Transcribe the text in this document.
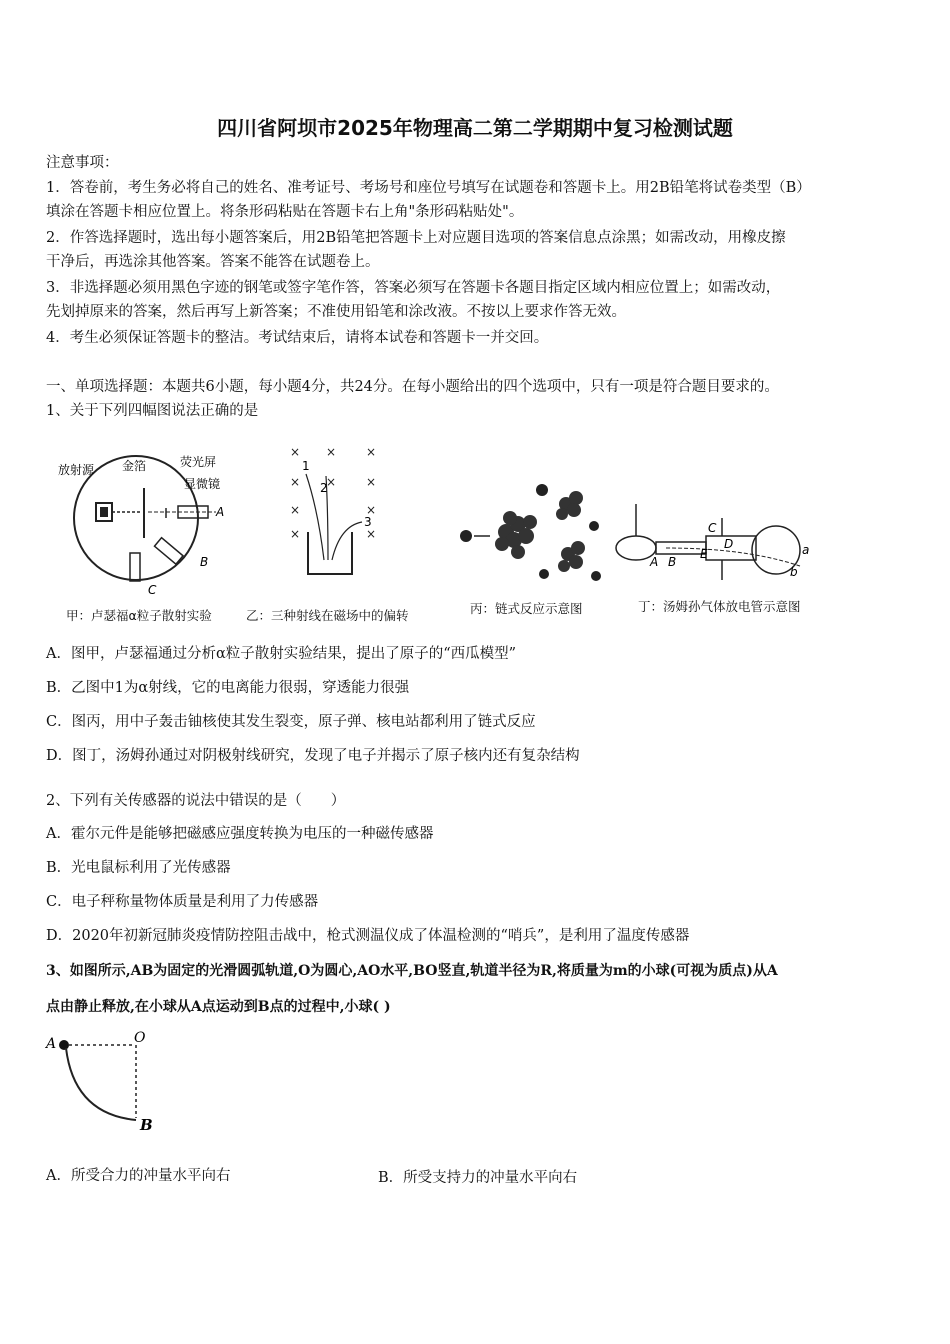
四川省阿坝市2025年物理高二第二学期期中复习检测试题
注意事项：
1．答卷前，考生务必将自己的姓名、准考证号、考场号和座位号填写在试题卷和答题卡上。用2B铅笔将试卷类型（B）
填涂在答题卡相应位置上。将条形码粘贴在答题卡右上角"条形码粘贴处"。
2．作答选择题时，选出每小题答案后，用2B铅笔把答题卡上对应题目选项的答案信息点涂黑；如需改动，用橡皮擦
干净后，再选涂其他答案。答案不能答在试题卷上。
3．非选择题必须用黑色字迹的钢笔或签字笔作答，答案必须写在答题卡各题目指定区域内相应位置上；如需改动，
先划掉原来的答案，然后再写上新答案；不准使用铅笔和涂改液。不按以上要求作答无效。
4．考生必须保证答题卡的整洁。考试结束后，请将本试卷和答题卡一并交回。
一、单项选择题：本题共6小题，每小题4分，共24分。在每小题给出的四个选项中，只有一项是符合题目要求的。
1、关于下列四幅图说法正确的是
放射源 金箔	荧光屏
显微镜
A
B
C
甲：卢瑟福α粒子散射实验
× × ×
× × ×
×	×
×	×
1
2
3
乙：三种射线在磁场中的偏转	丙：链式反应示意图
A B
C
D
E	a
b
丁：汤姆孙气体放电管示意图
A．图甲，卢瑟福通过分析α粒子散射实验结果，提出了原子的“西瓜模型”
B．乙图中1为α射线，它的电离能力很弱，穿透能力很强
C．图丙，用中子轰击铀核使其发生裂变，原子弹、核电站都利用了链式反应
D．图丁，汤姆孙通过对阴极射线研究，发现了电子并揭示了原子核内还有复杂结构
2、下列有关传感器的说法中错误的是（　　）
A．霍尔元件是能够把磁感应强度转换为电压的一种磁传感器
B．光电鼠标利用了光传感器
C．电子秤称量物体质量是利用了力传感器
D．2020年初新冠肺炎疫情防控阻击战中，枪式测温仪成了体温检测的“哨兵”，是利用了温度传感器
3、如图所示,AB为固定的光滑圆弧轨道,O为圆心,AO水平,BO竖直,轨道半径为R,将质量为m的小球(可视为质点)从A
点由静止释放,在小球从A点运动到B点的过程中,小球( )
A	O
B
A．所受合力的冲量水平向右	B．所受支持力的冲量水平向右
